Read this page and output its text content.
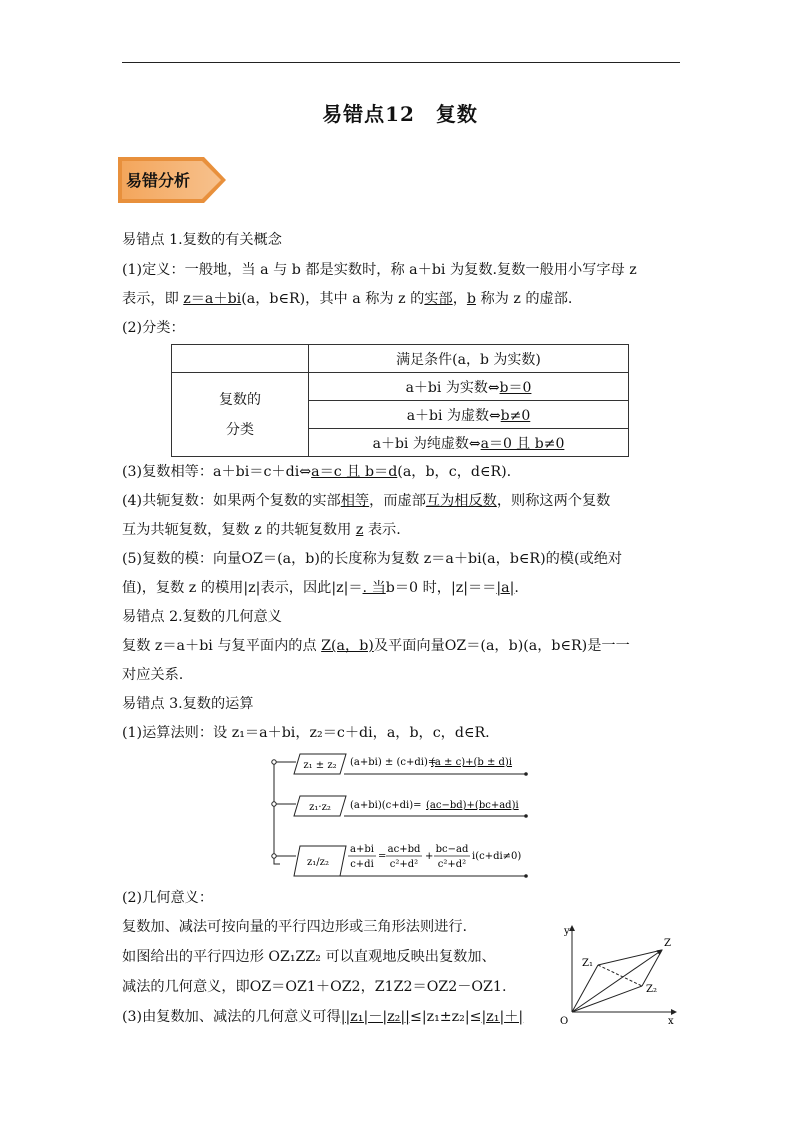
易错点12　复数
易错分析
易错点 1.复数的有关概念
(1)定义：一般地，当 a 与 b 都是实数时，称 a＋bi 为复数.复数一般用小写字母 z
表示，即 z＝a＋bi(a，b∈R)，其中 a 称为 z 的实部，b 称为 z 的虚部.
(2)分类：
	满足条件(a，b 为实数)
复数的
分类	a＋bi 为实数⇔b＝0
	a＋bi 为虚数⇔b≠0
	a＋bi 为纯虚数⇔a＝0 且 b≠0
(3)复数相等：a＋bi＝c＋di⇔a＝c 且 b＝d(a，b，c，d∈R).
(4)共轭复数：如果两个复数的实部相等，而虚部互为相反数，则称这两个复数
互为共轭复数，复数 z 的共轭复数用 z 表示.
(5)复数的模：向量OZ＝(a，b)的长度称为复数 z＝a＋bi(a，b∈R)的模(或绝对
值)，复数 z 的模用|z|表示，因此|z|＝. 当b＝0 时，|z|＝＝|a|.
易错点 2.复数的几何意义
复数 z＝a＋bi 与复平面内的点 Z(a，b)及平面向量OZ＝(a，b)(a，b∈R)是一一
对应关系.
易错点 3.复数的运算
(1)运算法则：设 z₁＝a＋bi，z₂＝c＋di，a，b，c，d∈R.
z₁ ± z₂
z₁·z₂
z₁/z₂
(a+bi) ± (c+di)=
(a ± c)+(b ± d)i
(a+bi)(c+di)= (ac−bd)+(bc+ad)i
a+bi
c+di
=
ac+bd
c²+d²
+
bc−ad
c²+d²
i(c+di≠0)
(2)几何意义：
复数加、减法可按向量的平行四边形或三角形法则进行.
如图给出的平行四边形 OZ₁ZZ₂ 可以直观地反映出复数加、
减法的几何意义，即OZ＝OZ1＋OZ2，Z1Z2＝OZ2－OZ1.
(3)由复数加、减法的几何意义可得||z₁|－|z₂||≤|z₁±z₂|≤|z₁|＋|
y
x
O
Z
Z₁
Z₂
